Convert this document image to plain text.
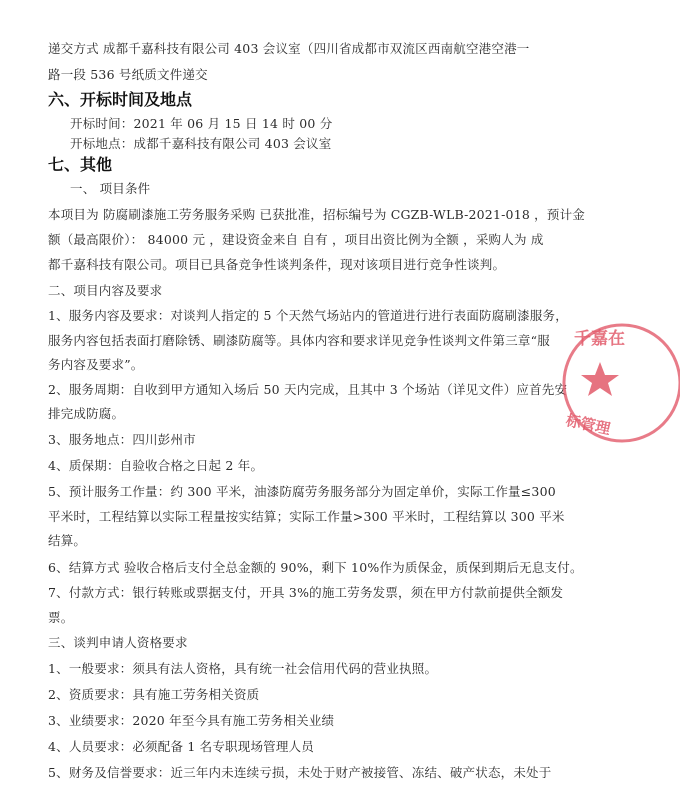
递交方式 成都千嘉科技有限公司 403 会议室（四川省成都市双流区西南航空港空港一
路一段 536 号纸质文件递交
六、开标时间及地点
开标时间：2021 年 06 月 15 日 14 时 00 分
开标地点：成都千嘉科技有限公司 403 会议室
七、其他
一、 项目条件
本项目为 防腐刷漆施工劳务服务采购 已获批准，招标编号为 CGZB-WLB-2021-018 ，预计金
额（最高限价）： 84000 元 ，建设资金来自 自有 ，项目出资比例为全额 ，采购人为 成
都千嘉科技有限公司。项目已具备竞争性谈判条件，现对该项目进行竞争性谈判。
二、项目内容及要求
1、服务内容及要求：对谈判人指定的 5 个天然气场站内的管道进行进行表面防腐刷漆服务，
服务内容包括表面打磨除锈、刷漆防腐等。具体内容和要求详见竞争性谈判文件第三章“服
务内容及要求”。
2、服务周期：自收到甲方通知入场后 50 天内完成，且其中 3 个场站（详见文件）应首先安
排完成防腐。
3、服务地点：四川彭州市
4、质保期：自验收合格之日起 2 年。
5、预计服务工作量：约 300 平米，油漆防腐劳务服务部分为固定单价，实际工作量≤300
平米时，工程结算以实际工程量按实结算；实际工作量>300 平米时，工程结算以 300 平米
结算。
6、结算方式 验收合格后支付全总金额的 90%，剩下 10%作为质保金，质保到期后无息支付。
7、付款方式：银行转账或票据支付，开具 3%的施工劳务发票，须在甲方付款前提供全额发
票。
三、谈判申请人资格要求
1、一般要求：须具有法人资格，具有统一社会信用代码的营业执照。
2、资质要求：具有施工劳务相关资质
3、业绩要求：2020 年至今具有施工劳务相关业绩
4、人员要求：必须配备 1 名专职现场管理人员
5、财务及信誉要求：近三年内未连续亏损，未处于财产被接管、冻结、破产状态，未处于
千嘉在
标管理
